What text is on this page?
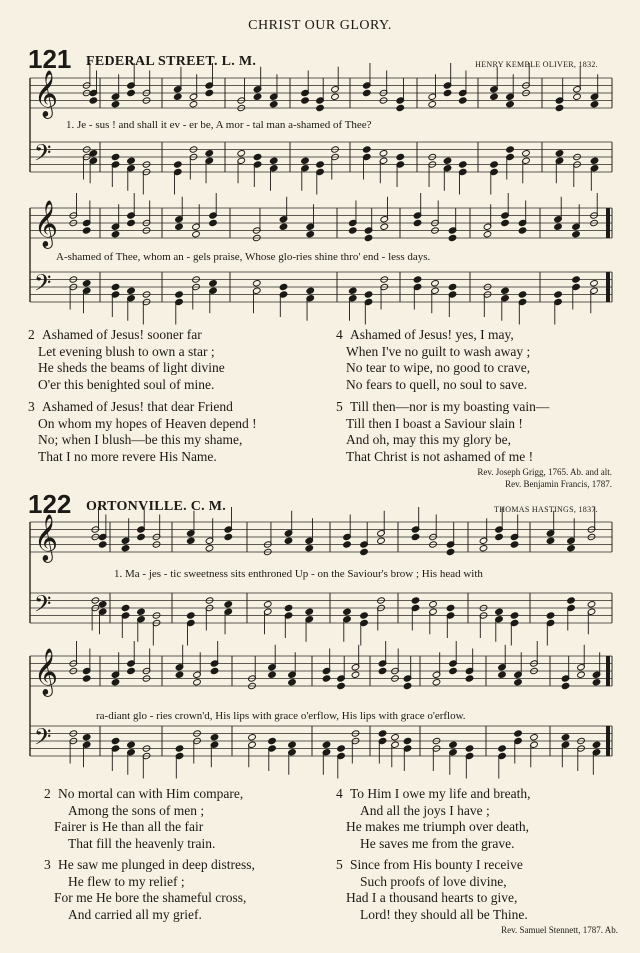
CHRIST OUR GLORY.
121 FEDERAL STREET. L. M.	HENRY KEMBLE OLIVER, 1832.
𝄞
𝄢
𝄞
𝄢
𝄞
𝄢
𝄞
𝄢
1. Je - sus ! and shall it ev - er be, A mor - tal man a-shamed of Thee?
A-shamed of Thee, whom an - gels praise, Whose glo-ries shine thro' end - less days.
2 Ashamed of Jesus! sooner far
Let evening blush to own a star ;
He sheds the beams of light divine
O'er this benighted soul of mine.
3 Ashamed of Jesus! that dear Friend
On whom my hopes of Heaven depend !
No; when I blush—be this my shame,
That I no more revere His Name.
4 Ashamed of Jesus! yes, I may,
When I've no guilt to wash away ;
No tear to wipe, no good to crave,
No fears to quell, no soul to save.
5 Till then—nor is my boasting vain—
Till then I boast a Saviour slain !
And oh, may this my glory be,
That Christ is not ashamed of me !
Rev. Joseph Grigg, 1765. Ab. and alt.
Rev. Benjamin Francis, 1787.
122 ORTONVILLE. C. M.	THOMAS HASTINGS, 1837.
1. Ma - jes - tic sweetness sits enthroned Up - on the Saviour's brow ; His head with
ra-diant glo - ries crown'd, His lips with grace o'erflow, His lips with grace o'erflow.
2 No mortal can with Him compare,
Among the sons of men ;
Fairer is He than all the fair
That fill the heavenly train.
3 He saw me plunged in deep distress,
He flew to my relief ;
For me He bore the shameful cross,
And carried all my grief.
4 To Him I owe my life and breath,
And all the joys I have ;
He makes me triumph over death,
He saves me from the grave.
5 Since from His bounty I receive
Such proofs of love divine,
Had I a thousand hearts to give,
Lord! they should all be Thine.
Rev. Samuel Stennett, 1787. Ab.
